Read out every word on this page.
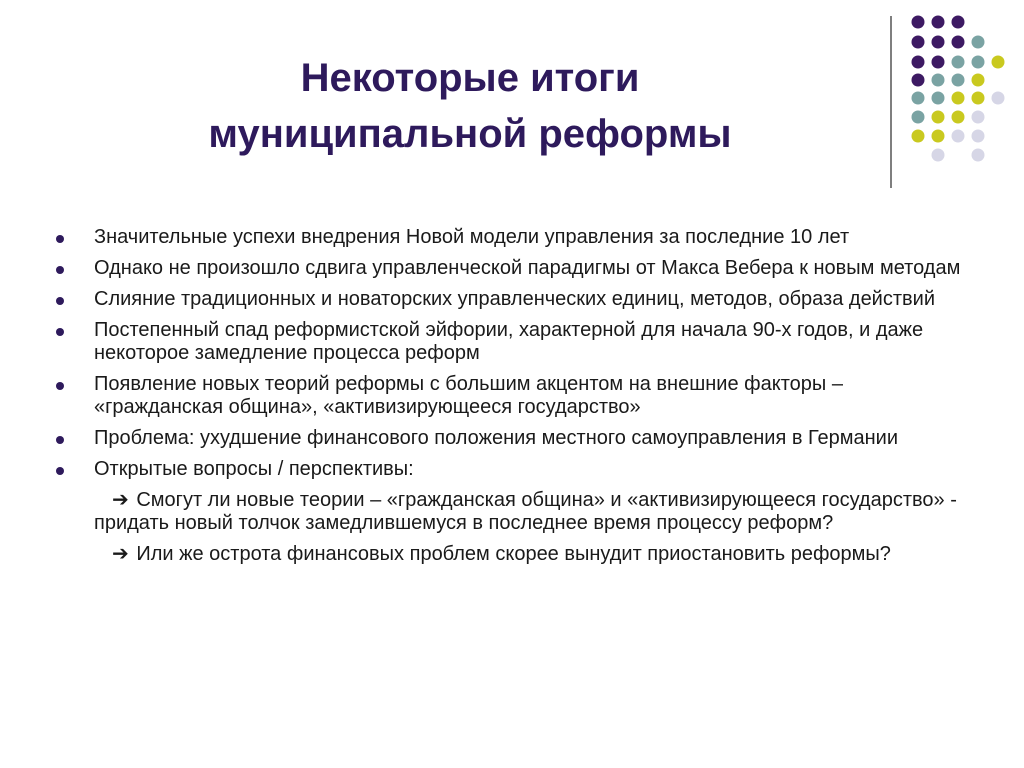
Некоторые итоги
муниципальной реформы
Значительные успехи внедрения Новой модели управления за последние 10 лет
Однако не произошло сдвига управленческой парадигмы от Макса Вебера к новым методам
Слияние традиционных и новаторских управленческих единиц, методов, образа действий
Постепенный спад реформистской эйфории, характерной для начала 90-х годов, и даже некоторое замедление процесса реформ
Появление новых теорий реформы с большим акцентом на внешние факторы – «гражданская община», «активизирующееся государство»
Проблема: ухудшение финансового положения местного самоуправления в Германии
Открытые вопросы / перспективы:
➔ Смогут ли новые теории – «гражданская община» и «активизирующееся государство» - придать новый толчок замедлившемуся в последнее время процессу реформ?
➔ Или же острота финансовых проблем скорее вынудит приостановить реформы?
